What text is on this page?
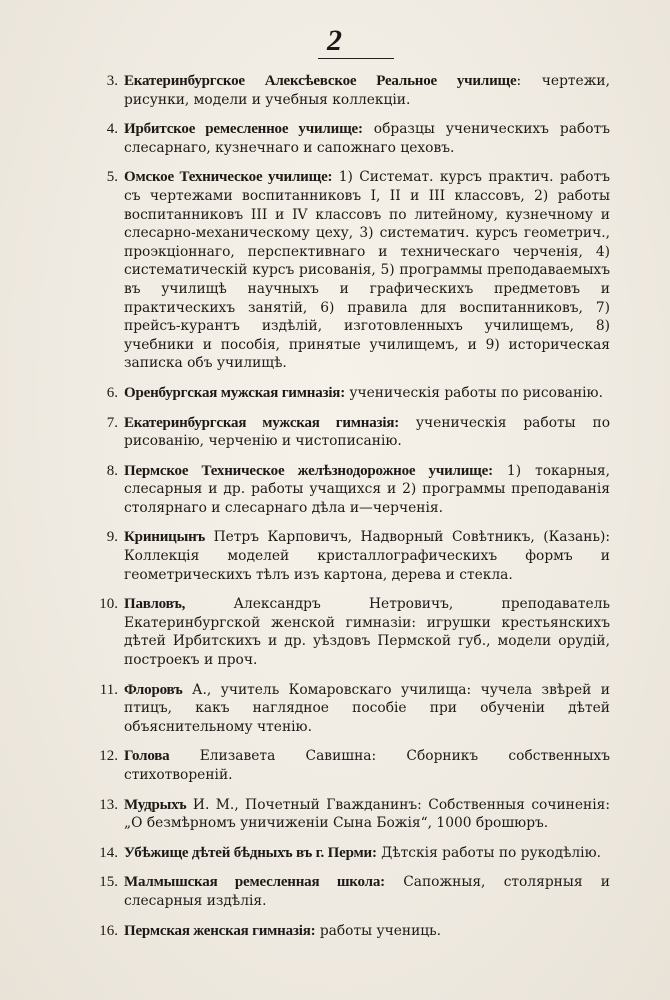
2
3. Екатеринбургское Алексѣевское Реальное училище: чертежи, рисунки, модели и учебныя коллекціи.
4. Ирбитское ремесленное училище: образцы ученическихъ работъ слесарнаго, кузнечнаго и сапожнаго цеховъ.
5. Омское Техническое училище: 1) Системат. курсъ практич. работъ съ чертежами воспитанниковъ I, II и III классовъ, 2) работы воспитанниковъ III и IV классовъ по литейному, кузнечному и слесарно-механическому цеху, 3) систематич. курсъ геометрич., проэкціоннаго, перспективнаго и техническаго черченія, 4) систематическій курсъ рисованія, 5) программы преподаваемыхъ въ училищѣ научныхъ и графическихъ предметовъ и практическихъ занятій, 6) правила для воспитанниковъ, 7) прейсъ-курантъ издѣлій, изготовленныхъ училищемъ, 8) учебники и пособія, принятые училищемъ, и 9) историческая записка объ училищѣ.
6. Оренбургская мужская гимназія: ученическія работы по рисованію.
7. Екатеринбургская мужская гимназія: ученическія работы по рисованію, черченію и чистописанію.
8. Пермское Техническое желѣзнодорожное училище: 1) токарныя, слесарныя и др. работы учащихся и 2) программы преподаванія столярнаго и слесарнаго дѣла и—черченія.
9. Криницынъ Петръ Карповичъ, Надворный Совѣтникъ, (Казань): Коллекція моделей кристаллографическихъ формъ и геометрическихъ тѣлъ изъ картона, дерева и стекла.
10. Павловъ, Александръ Нетровичъ, преподаватель Екатеринбургской женской гимназіи: игрушки крестьянскихъ дѣтей Ирбитскихъ и др. уѣздовъ Пермской губ., модели орудій, построекъ и проч.
11. Флоровъ А., учитель Комаровскаго училища: чучела звѣрей и птицъ, какъ наглядное пособіе при обученіи дѣтей объяснительному чтенію.
12. Голова Елизавета Савишна: Сборникъ собственныхъ стихотвореній.
13. Мудрыхъ И. М., Почетный Гважданинъ: Собственныя сочиненія: „О безмѣрномъ уничиженіи Сына Божія“, 1000 брошюръ.
14. Убѣжище дѣтей бѣдныхъ въ г. Перми: Дѣтскія работы по рукодѣлію.
15. Малмышская ремесленная школа: Сапожныя, столярныя и слесарныя издѣлія.
16. Пермская женская гимназія: работы учениць.
